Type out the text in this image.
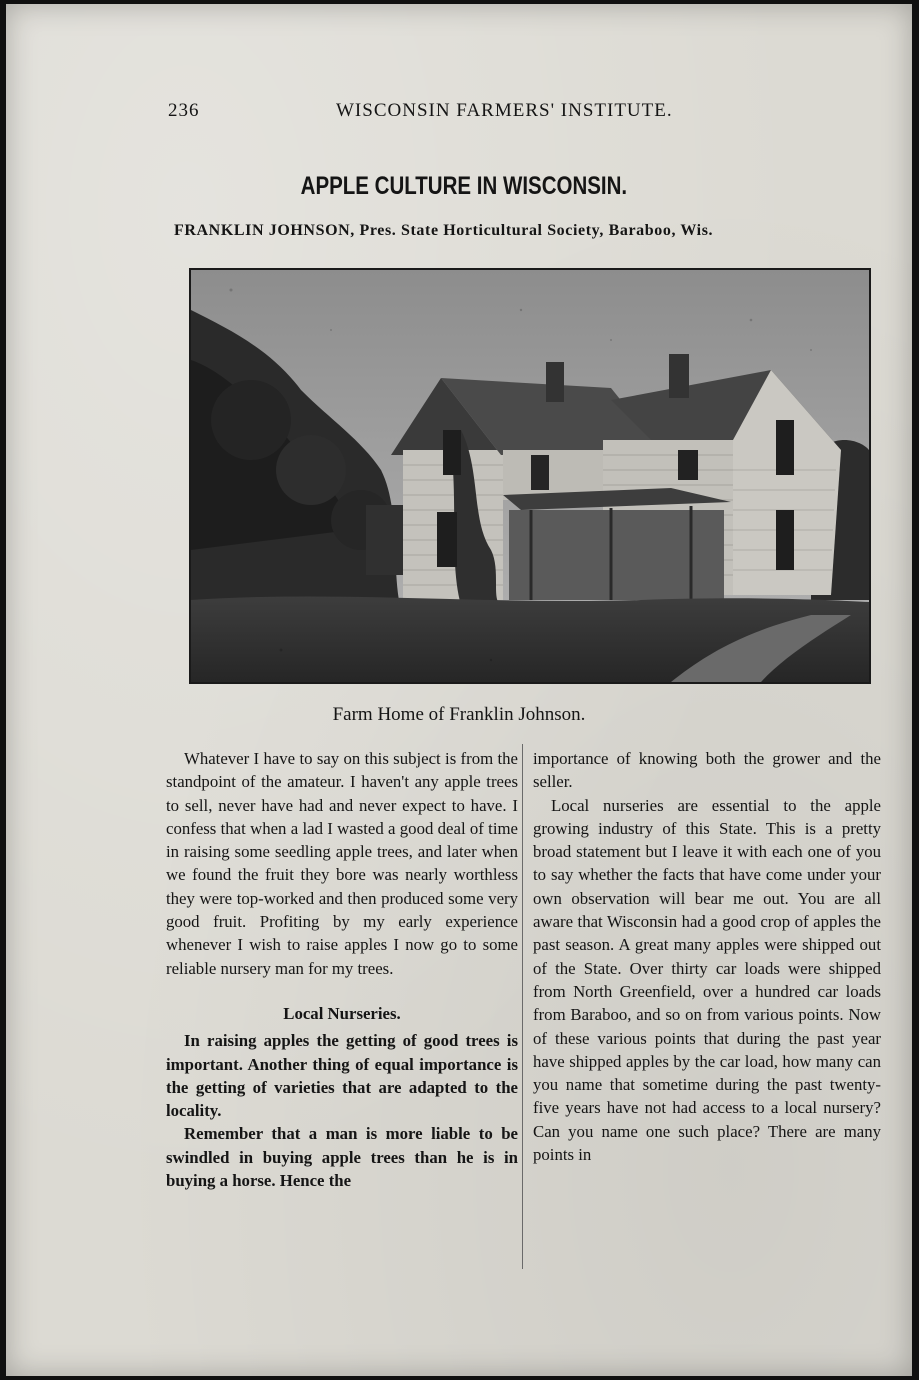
236	WISCONSIN FARMERS' INSTITUTE.
APPLE CULTURE IN WISCONSIN.
FRANKLIN JOHNSON, Pres. State Horticultural Society, Baraboo, Wis.
Farm Home of Franklin Johnson.

Whatever I have to say on this subject is from the standpoint of the amateur. I haven't any apple trees to sell, never have had and never expect to have. I confess that when a lad I wasted a good deal of time in raising some seedling apple trees, and later when we found the fruit they bore was nearly worthless they were top-worked and then produced some very good fruit. Profiting by my early experience whenever I wish to raise apples I now go to some reliable nursery man for my trees.

Local Nurseries.

In raising apples the getting of good trees is important. Another thing of equal importance is the getting of varieties that are adapted to the locality.

Remember that a man is more liable to be swindled in buying apple trees than he is in buying a horse. Hence the

importance of knowing both the grower and the seller.

Local nurseries are essential to the apple growing industry of this State. This is a pretty broad statement but I leave it with each one of you to say whether the facts that have come under your own observation will bear me out. You are all aware that Wisconsin had a good crop of apples the past season. A great many apples were shipped out of the State. Over thirty car loads were shipped from North Greenfield, over a hundred car loads from Baraboo, and so on from various points. Now of these various points that during the past year have shipped apples by the car load, how many can you name that sometime during the past twenty-five years have not had access to a local nursery? Can you name one such place? There are many points in
